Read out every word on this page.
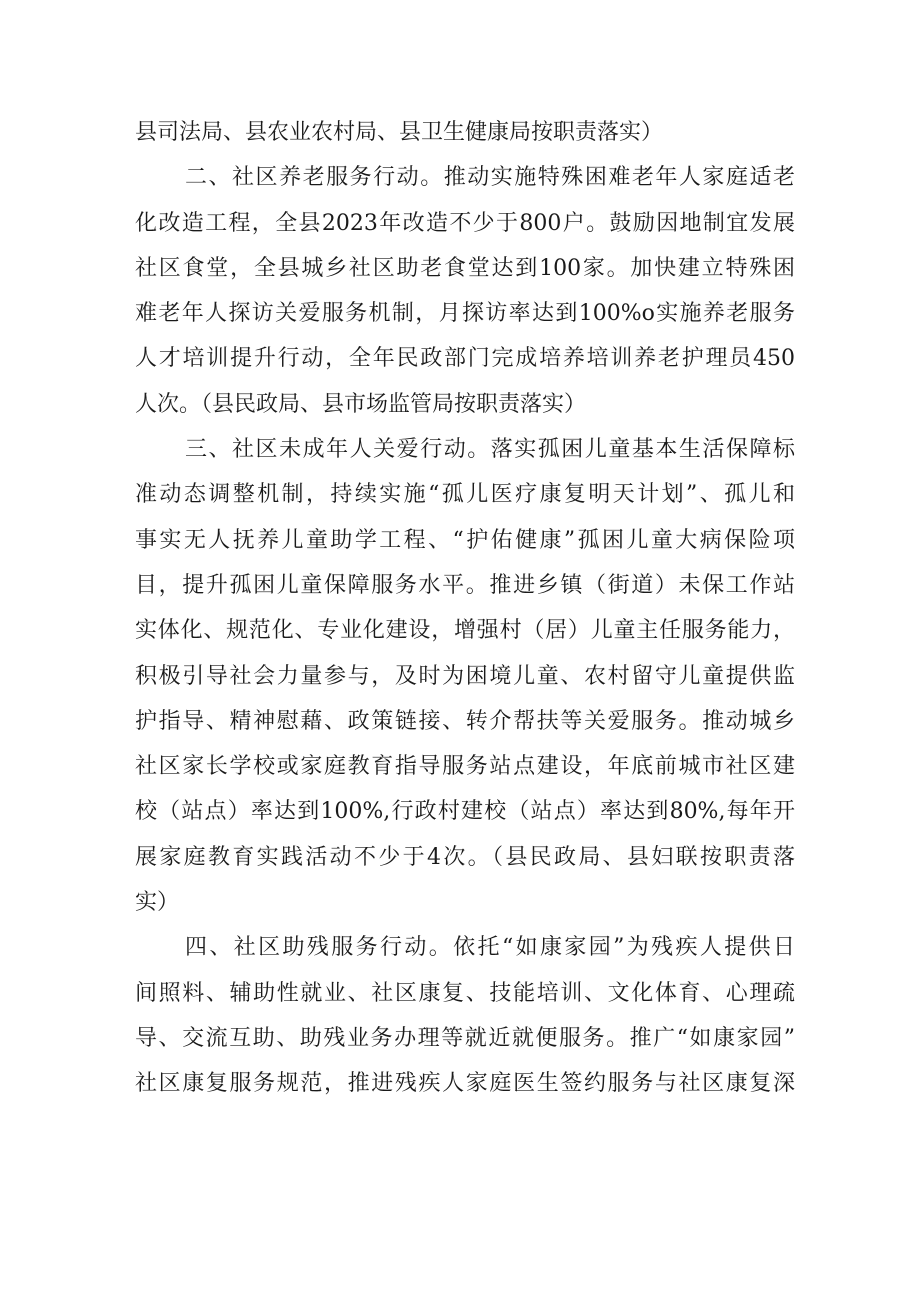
县司法局、县农业农村局、县卫生健康局按职责落实）
二、社区养老服务行动。推动实施特殊困难老年人家庭适老
化改造工程，全县2023年改造不少于800户。鼓励因地制宜发展
社区食堂，全县城乡社区助老食堂达到100家。加快建立特殊困
难老年人探访关爱服务机制，月探访率达到100%o实施养老服务
人才培训提升行动，全年民政部门完成培养培训养老护理员450
人次。（县民政局、县市场监管局按职责落实）
三、社区未成年人关爱行动。落实孤困儿童基本生活保障标
准动态调整机制，持续实施“孤儿医疗康复明天计划”、孤儿和
事实无人抚养儿童助学工程、“护佑健康”孤困儿童大病保险项
目，提升孤困儿童保障服务水平。推进乡镇（街道）未保工作站
实体化、规范化、专业化建设，增强村（居）儿童主任服务能力，
积极引导社会力量参与，及时为困境儿童、农村留守儿童提供监
护指导、精神慰藉、政策链接、转介帮扶等关爱服务。推动城乡
社区家长学校或家庭教育指导服务站点建设，年底前城市社区建
校（站点）率达到100%,行政村建校（站点）率达到80%,每年开
展家庭教育实践活动不少于4次。（县民政局、县妇联按职责落
实）
四、社区助残服务行动。依托“如康家园”为残疾人提供日
间照料、辅助性就业、社区康复、技能培训、文化体育、心理疏
导、交流互助、助残业务办理等就近就便服务。推广“如康家园”
社区康复服务规范，推进残疾人家庭医生签约服务与社区康复深
